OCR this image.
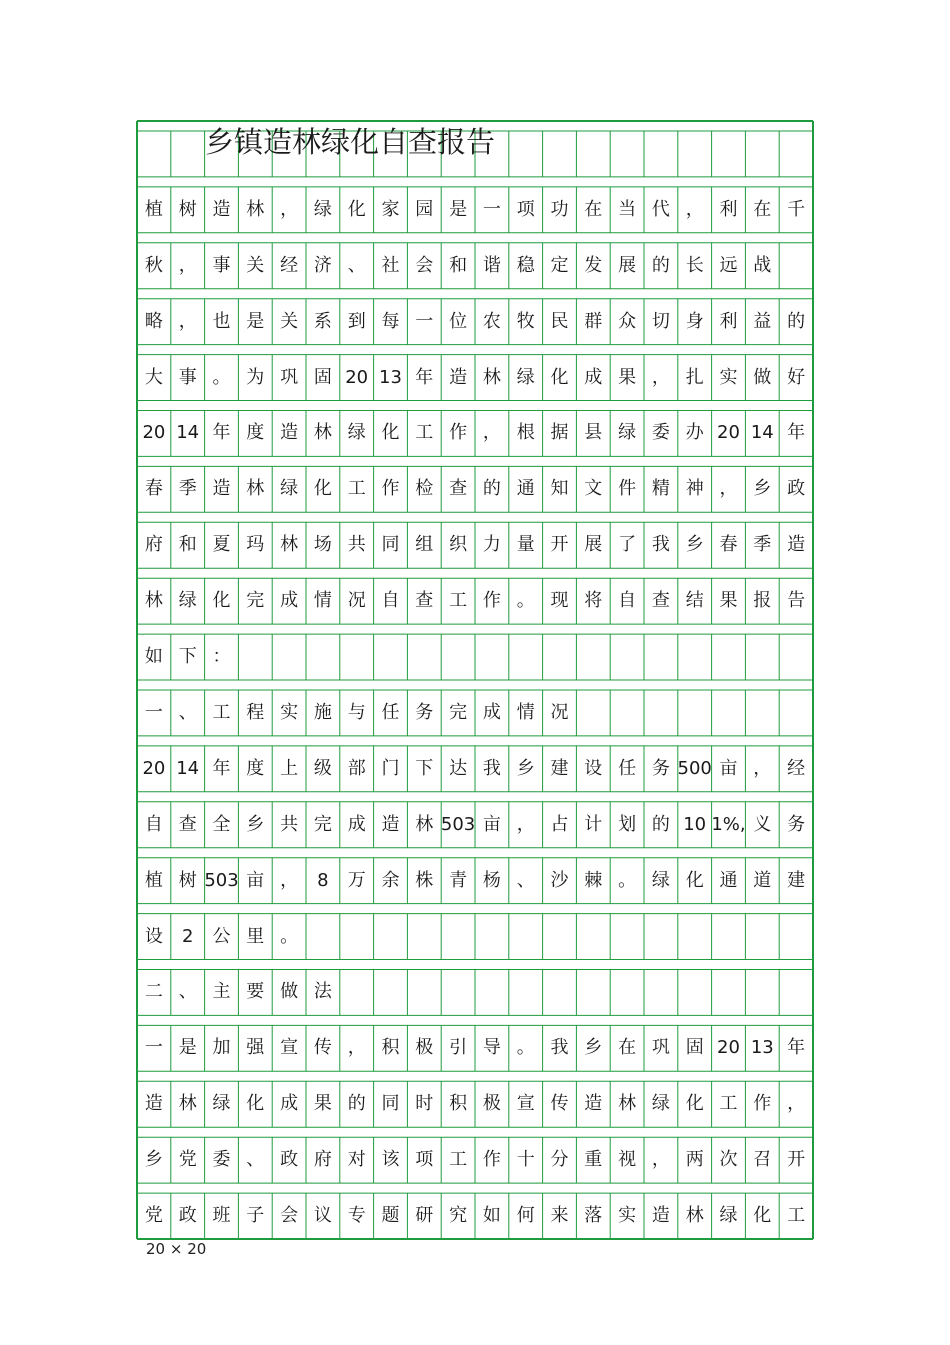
乡镇造林绿化自查报告
植 树 造 林 ， 绿 化 家 园 是 一 项 功 在 当 代 ， 利 在 千
秋 ， 事 关 经 济 、 社 会 和 谐 稳 定 发 展 的 长 远 战
略 ， 也 是 关 系 到 每 一 位 农 牧 民 群 众 切 身 利 益 的
大 事 。 为 巩 固 20 13 年 造 林 绿 化 成 果 ， 扎 实 做 好
20 14 年 度 造 林 绿 化 工 作 ， 根 据 县 绿 委 办 20 14 年
春 季 造 林 绿 化 工 作 检 查 的 通 知 文 件 精 神 ， 乡 政
府 和 夏 玛 林 场 共 同 组 织 力 量 开 展 了 我 乡 春 季 造
林 绿 化 完 成 情 况 自 查 工 作 。 现 将 自 查 结 果 报 告
如 下 ：
一 、 工 程 实 施 与 任 务 完 成 情 况
20 14 年 度 上 级 部 门 下 达 我 乡 建 设 任 务 500 亩 ， 经
自 查 全 乡 共 完 成 造 林 503 亩 ， 占 计 划 的 10 1%, 义 务
植 树 503 亩 ，	8	万 余 株 青 杨 、 沙 棘 。 绿 化 通 道 建
设	2	公 里 。
二 、 主 要 做 法
一 是 加 强 宣 传 ， 积 极 引 导 。 我 乡 在 巩 固 20 13 年
造 林 绿 化 成 果 的 同 时 积 极 宣 传 造 林 绿 化 工 作 ，
乡 党 委 、 政 府 对 该 项 工 作 十 分 重 视 ， 两 次 召 开
党 政 班 子 会 议 专 题 研 究 如 何 来 落 实 造 林 绿 化 工
20 × 20
